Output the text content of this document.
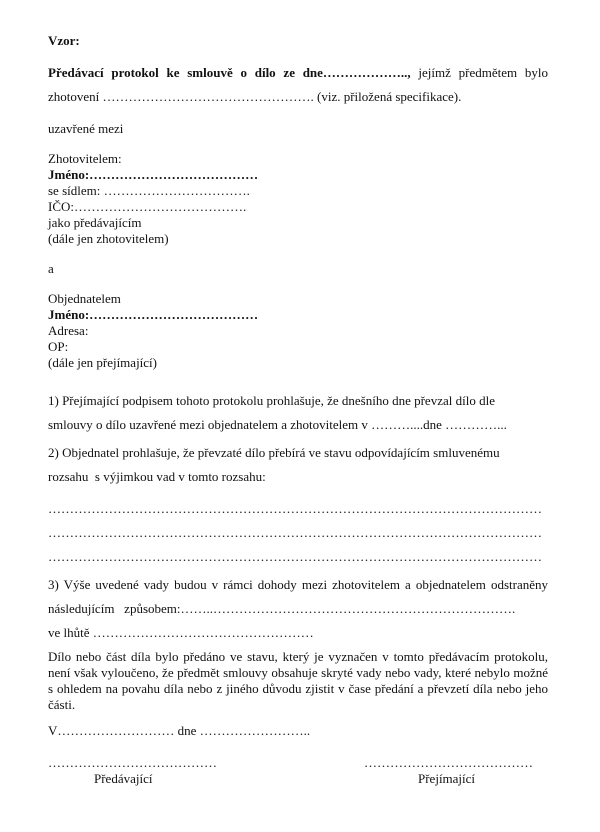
Vzor:
Předávací protokol ke smlouvě o dílo ze dne……………….., jejímž předmětem bylo
zhotovení …………………………………………. (viz. přiložená specifikace).
uzavřené mezi
Zhotovitelem:
Jméno:…………………………………
se sídlem: …………………………….
IČO:………………………………….
jako předávajícím
(dále jen zhotovitelem)
a
Objednatelem
Jméno:…………………………………
Adresa:
OP:
(dále jen přejímající)
1) Přejímající podpisem tohoto protokolu prohlašuje, že dnešního dne převzal dílo dle
smlouvy o dílo uzavřené mezi objednatelem a zhotovitelem v ………....dne …………...
2) Objednatel prohlašuje, že převzaté dílo přebírá ve stavu odpovídajícím smluvenému
rozsahu  s výjimkou vad v tomto rozsahu:
……………………………………………………………………………………………………
……………………………………………………………………………………………………
……………………………………………………………………………………………………
3) Výše uvedené vady budou v rámci dohody mezi zhotovitelem a objednatelem odstraněny
následujícím   způsobem:……..…………………………………………………………….
ve lhůtě ……………………………………………
Dílo nebo část díla bylo předáno ve stavu, který je vyznačen v tomto předávacím protokolu,
není však vyloučeno, že předmět smlouvy obsahuje skryté vady nebo vady, které nebylo možné
s ohledem na povahu díla nebo z jiného důvodu zjistit v čase předání a převzetí díla nebo jeho
části.
V……………………… dne ……………………..
…………………………………
Předávající
…………………………………
Přejímající
